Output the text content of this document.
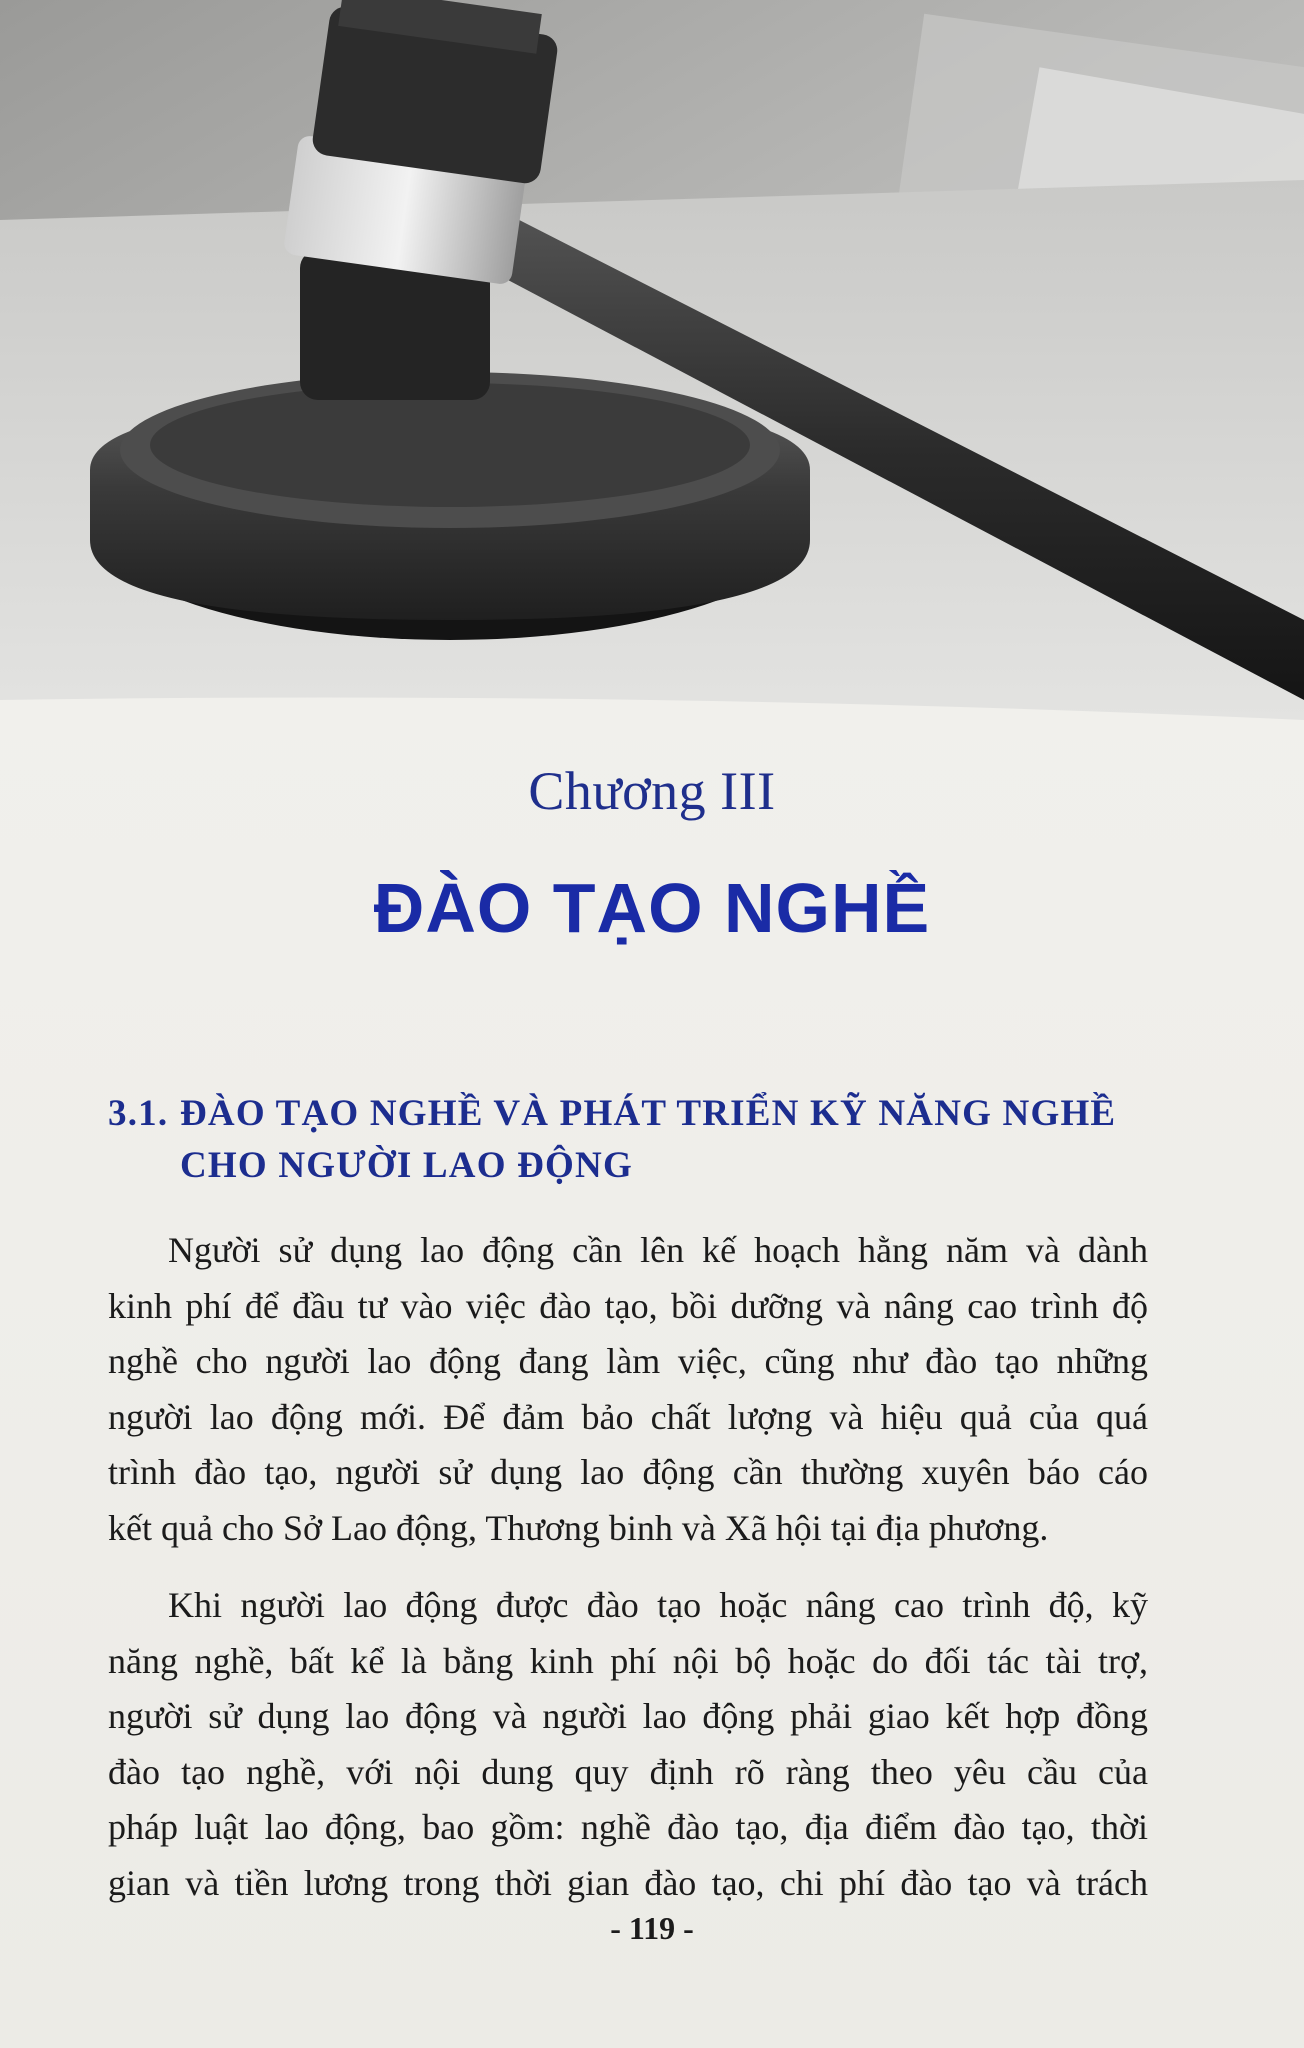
Chương III
ĐÀO TẠO NGHỀ
3.1. ĐÀO TẠO NGHỀ VÀ PHÁT TRIỂN KỸ NĂNG NGHỀ
CHO NGƯỜI LAO ĐỘNG
Người sử dụng lao động cần lên kế hoạch hằng năm và dành
kinh phí để đầu tư vào việc đào tạo, bồi dưỡng và nâng cao trình độ
nghề cho người lao động đang làm việc, cũng như đào tạo những
người lao động mới. Để đảm bảo chất lượng và hiệu quả của quá
trình đào tạo, người sử dụng lao động cần thường xuyên báo cáo
kết quả cho Sở Lao động, Thương binh và Xã hội tại địa phương.
Khi người lao động được đào tạo hoặc nâng cao trình độ, kỹ
năng nghề, bất kể là bằng kinh phí nội bộ hoặc do đối tác tài trợ,
người sử dụng lao động và người lao động phải giao kết hợp đồng
đào tạo nghề, với nội dung quy định rõ ràng theo yêu cầu của
pháp luật lao động, bao gồm: nghề đào tạo, địa điểm đào tạo, thời
gian và tiền lương trong thời gian đào tạo, chi phí đào tạo và trách
- 119 -
